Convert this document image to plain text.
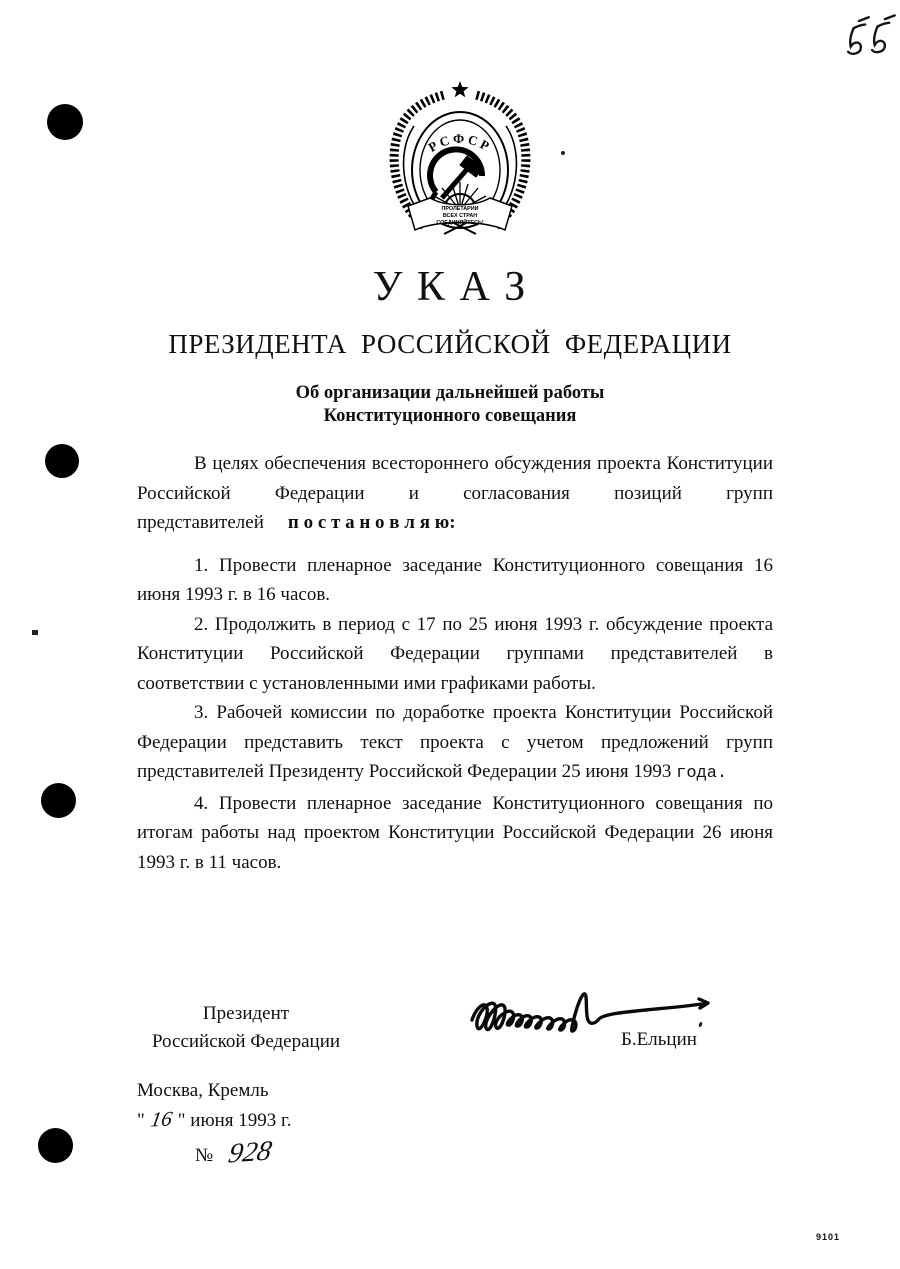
РСФСР
ПРОЛЕТАРИИ
ВСЕХ СТРАН
СОЕДИНЯЙТЕСЬ!
У К А З
ПРЕЗИДЕНТА РОССИЙСКОЙ ФЕДЕРАЦИИ
Об организации дальнейшей работы
Конституционного совещания

В целях обеспечения всестороннего обсуждения проекта Конституции Российской Федерации и согласования позиций групп представителей п о с т а н о в л я ю:

1. Провести пленарное заседание Конституционного совещания 16 июня 1993 г. в 16 часов.

2. Продолжить в период с 17 по 25 июня 1993 г. обсуждение проекта Конституции Российской Федерации группами представителей в соответствии с установленными ими графиками работы.

3. Рабочей комиссии по доработке проекта Конституции Российской Федерации представить текст проекта с учетом предложений групп представителей Президенту Российской Федерации 25 июня 1993 года.

4. Провести пленарное заседание Конституционного совещания по итогам работы над проектом Конституции Российской Федерации 26 июня 1993 г. в 11 часов.

Президент
Российской Федерации	Б.Ельцин
Москва, Кремль
" 16 " июня 1993 г.
№ 928
9101
